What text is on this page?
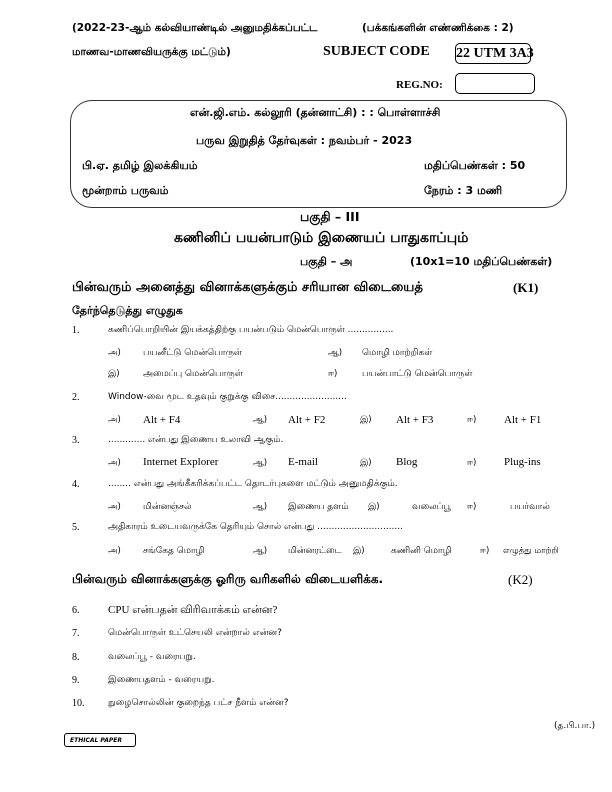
(2022-23-ஆம் கல்வியாண்டில் அனுமதிக்கப்பட்ட	(பக்கங்களின் எண்ணிக்கை : 2)
மாணவ-மாணவியருக்கு மட்டும்)	SUBJECT CODE 22 UTM 3A3
REG.NO:
என்.ஜி.எம். கல்லூரி (தன்னாட்சி) : : பொள்ளாச்சி
பருவ இறுதித் தேர்வுகள் : நவம்பர் - 2023
பி.ஏ. தமிழ் இலக்கியம்	மதிப்பெண்கள் : 50
மூன்றாம் பருவம்	நேரம் : 3 மணி
பகுதி – III
கணினிப் பயன்பாடும் இணையப் பாதுகாப்பும்
பகுதி – அ	(10x1=10 மதிப்பெண்கள்)
பின்வரும் அனைத்து வினாக்களுக்கும் சரியான விடையைத்	(K1)
தேர்ந்தெடுத்து எழுதுக
1.	கணிப்பொறியின் இயக்கத்திற்கு பயன்படும் மென்பொருள் ................
அ) பயனீட்டு மென்பொருள்	ஆ) மொழி மாற்றிகள்
இ)	அமைப்பு மென்பொருள்	ஈ)	பயன்பாட்டு மென்பொருள்
2.	Window-வை மூட உதவும் குறுக்கு விசை.........................
அ) Alt + F4	ஆ) Alt + F2	இ) Alt + F3	ஈ)	Alt + F1
3.	............. என்பது இணைய உலாவி ஆகும்.
அ) Internet Explorer	ஆ) E-mail	இ) Blog	ஈ)	Plug-ins
4.	........ என்பது அங்கீகரிக்கப்பட்ட தொடர்புகளை மட்டும் அனுமதிக்கும்.
அ) மின்னஞ்சல்	ஆ) இணைய தளம் இ)	வலைப்பூ ஈ)	பயர்வால்
5.	அதிகாரம் உடையவருக்கே தெரியும் சொல் என்பது ..............................
அ) சங்கேத மொழி	ஆ) மின்னரட்டை இ)	கணினி மொழி	ஈ) எழுத்து மாற்றி
பின்வரும் வினாக்களுக்கு ஓரிரு வரிகளில் விடையளிக்க.	(K2)
6.	CPU என்பதன் விரிவாக்கம் என்ன?
7.	மென்பொருள் உட்செயலி என்றால் என்ன?
8.	வலைப்பூ - வரையறு.
9.	இணையதளம் - வரையறு.
10.	நுழைசொல்லின் குறைந்த பட்ச நீளம் என்ன?
(த.பி.பா.)
ETHICAL PAPER
